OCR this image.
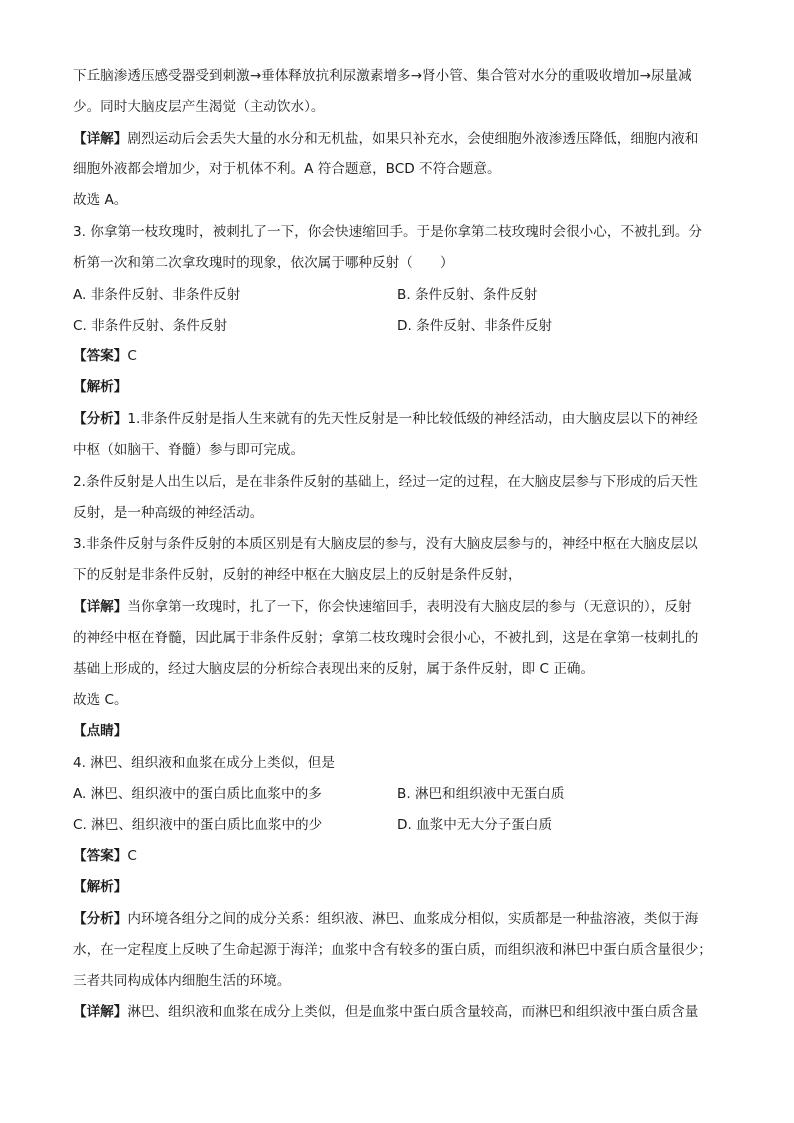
下丘脑渗透压感受器受到刺激→垂体释放抗利尿激素增多→肾小管、集合管对水分的重吸收增加→尿量减
少。同时大脑皮层产生渴觉（主动饮水）。
【详解】剧烈运动后会丢失大量的水分和无机盐，如果只补充水，会使细胞外液渗透压降低，细胞内液和
细胞外液都会增加少，对于机体不利。A 符合题意，BCD 不符合题意。
故选 A。
3. 你拿第一枝玫瑰时，被刺扎了一下，你会快速缩回手。于是你拿第二枝玫瑰时会很小心，不被扎到。分
析第一次和第二次拿玫瑰时的现象，依次属于哪种反射（　　）
A. 非条件反射、非条件反射	B. 条件反射、条件反射
C. 非条件反射、条件反射	D. 条件反射、非条件反射
【答案】C
【解析】
【分析】1.非条件反射是指人生来就有的先天性反射是一种比较低级的神经活动，由大脑皮层以下的神经
中枢（如脑干、脊髓）参与即可完成。
2.条件反射是人出生以后，是在非条件反射的基础上，经过一定的过程，在大脑皮层参与下形成的后天性
反射，是一种高级的神经活动。
3.非条件反射与条件反射的本质区别是有大脑皮层的参与，没有大脑皮层参与的，神经中枢在大脑皮层以
下的反射是非条件反射，反射的神经中枢在大脑皮层上的反射是条件反射，
【详解】当你拿第一玫瑰时，扎了一下，你会快速缩回手，表明没有大脑皮层的参与（无意识的），反射
的神经中枢在脊髓，因此属于非条件反射；拿第二枝玫瑰时会很小心，不被扎到，这是在拿第一枝刺扎的
基础上形成的，经过大脑皮层的分析综合表现出来的反射，属于条件反射，即 C 正确。
故选 C。
【点睛】
4. 淋巴、组织液和血浆在成分上类似，但是
A. 淋巴、组织液中的蛋白质比血浆中的多	B. 淋巴和组织液中无蛋白质
C. 淋巴、组织液中的蛋白质比血浆中的少	D. 血浆中无大分子蛋白质
【答案】C
【解析】
【分析】内环境各组分之间的成分关系：组织液、淋巴、血浆成分相似，实质都是一种盐溶液，类似于海
水，在一定程度上反映了生命起源于海洋；血浆中含有较多的蛋白质，而组织液和淋巴中蛋白质含量很少；
三者共同构成体内细胞生活的环境。
【详解】淋巴、组织液和血浆在成分上类似，但是血浆中蛋白质含量较高，而淋巴和组织液中蛋白质含量
